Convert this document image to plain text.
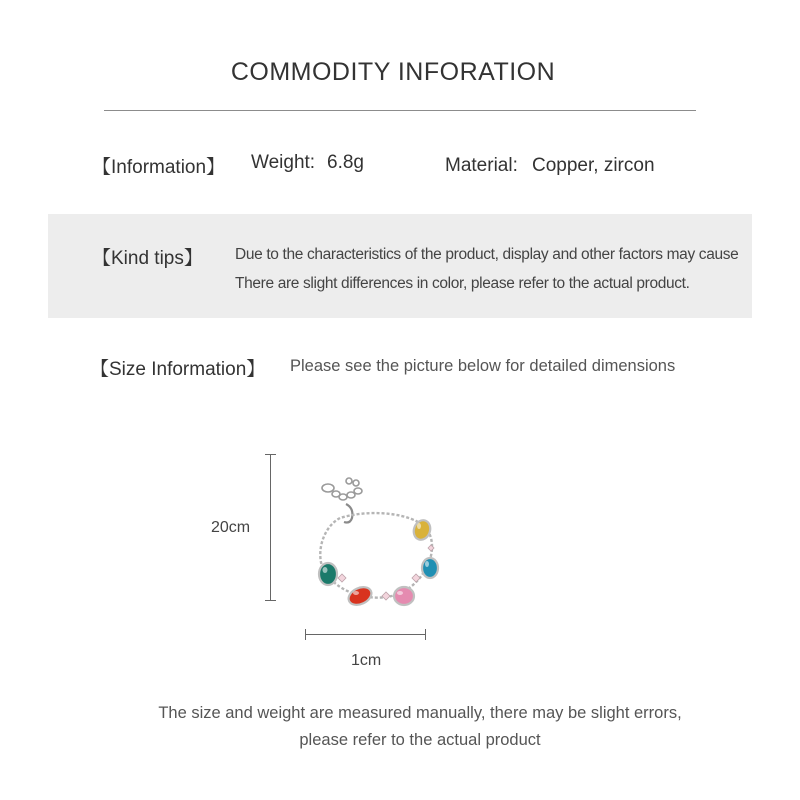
COMMODITY INFORATION
【Information】 Weight: 6.8g	Material: Copper, zircon
【Kind tips】 Due to the characteristics of the product, display and other factors may cause
There are slight differences in color, please refer to the actual product.
【Size Information】 Please see the picture below for detailed dimensions
20cm
1cm
The size and weight are measured manually, there may be slight errors,
please refer to the actual product
